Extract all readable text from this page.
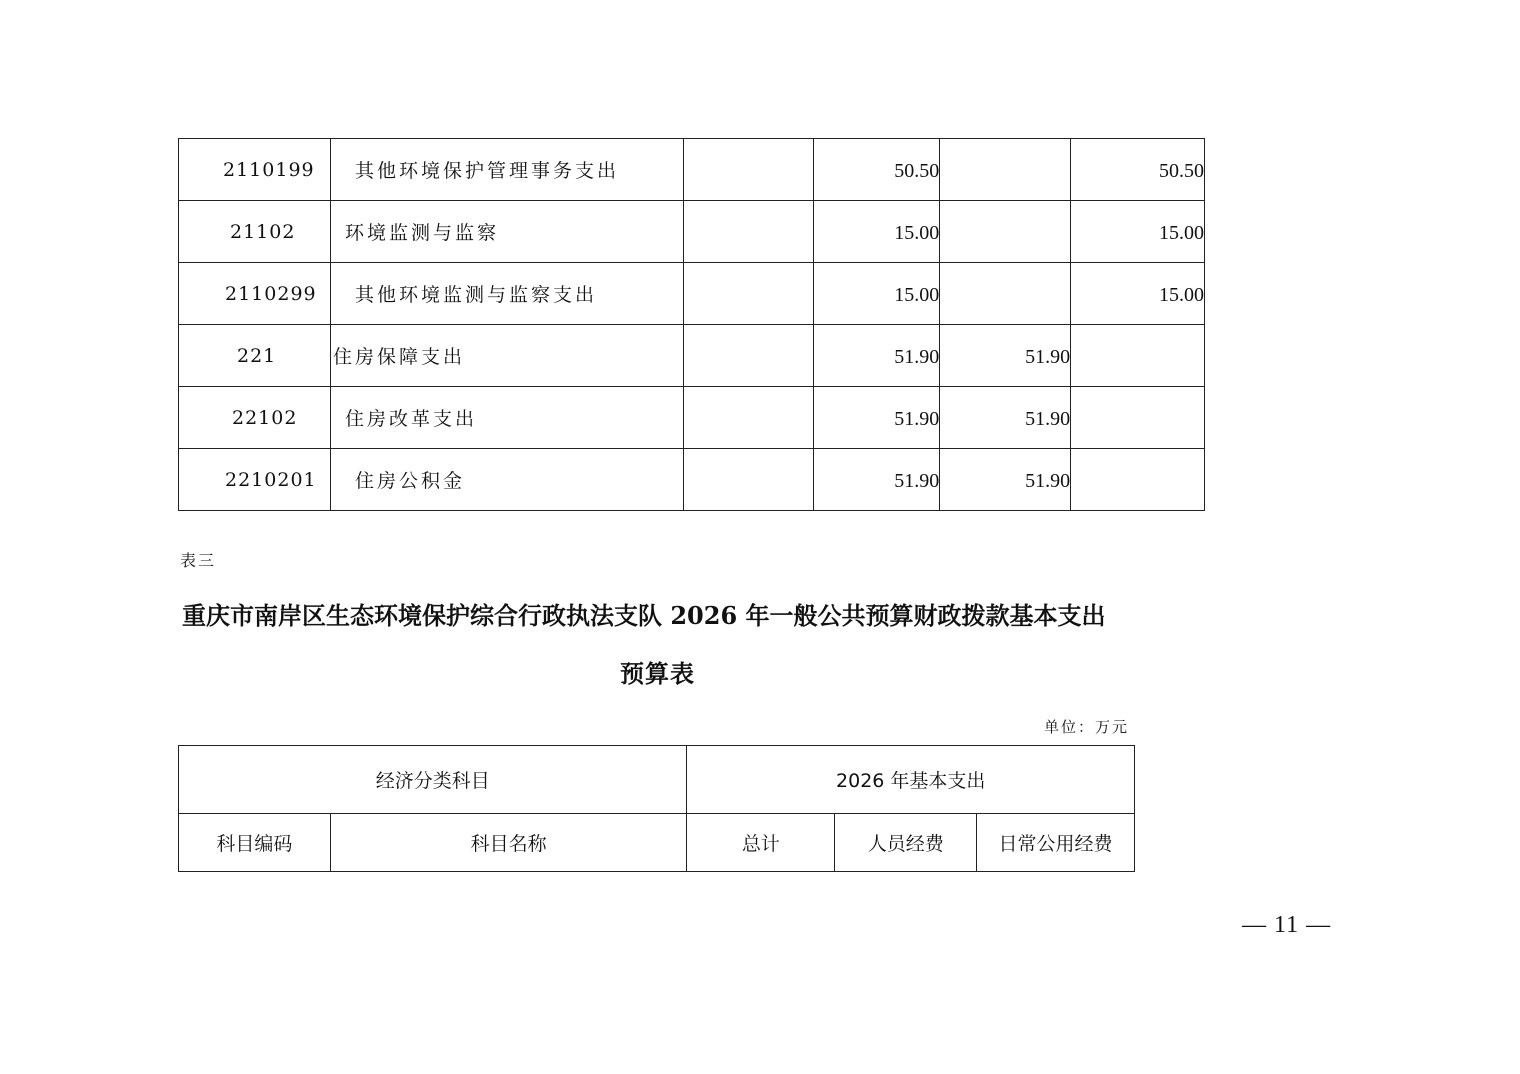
2110199	其他环境保护管理事务支出		50.50		50.50
21102	环境监测与监察		15.00		15.00
2110299	其他环境监测与监察支出		15.00		15.00
221	住房保障支出		51.90	51.90	
22102	住房改革支出		51.90	51.90	
2210201	住房公积金		51.90	51.90	
表三
重庆市南岸区生态环境保护综合行政执法支队 2026 年一般公共预算财政拨款基本支出
预算表
单位：万元
经济分类科目		2026 年基本支出		
科目编码	科目名称	总计	人员经费	日常公用经费
— 11 —
